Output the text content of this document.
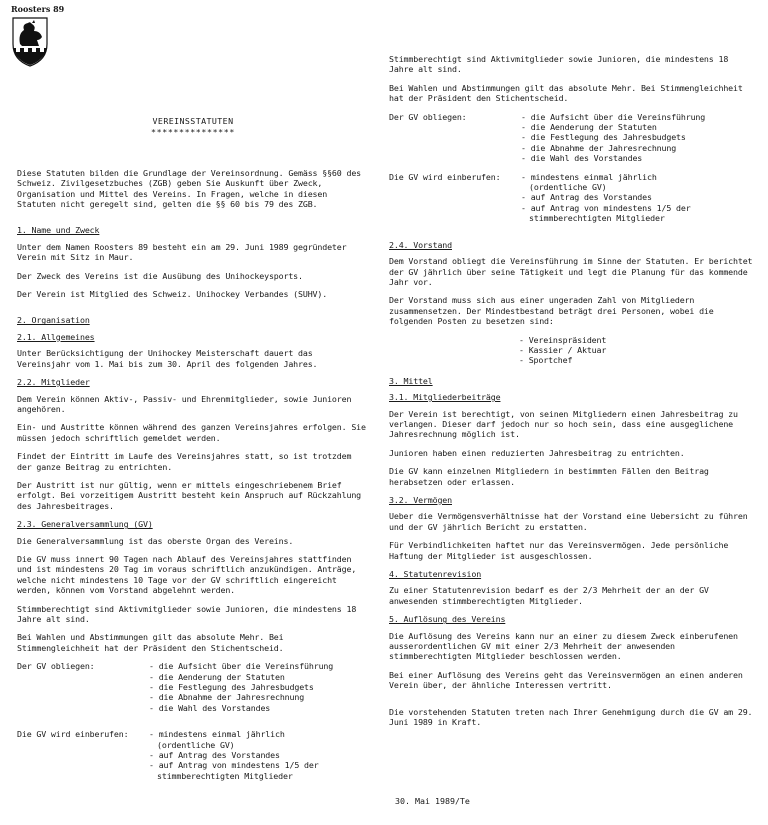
Roosters 89
VEREINSSTATUTEN
***************

Diese Statuten bilden die Grundlage der Vereinsordnung. Gemäss §§60 des Schweiz. Zivilgesetzbuches (ZGB) geben Sie Auskunft über Zweck, Organisation und Mittel des Vereins. In Fragen, welche in diesen Statuten nicht geregelt sind, gelten die §§ 60 bis 79 des ZGB.

1. Name und Zweck

Unter dem Namen Roosters 89 besteht ein am 29. Juni 1989 gegründeter Verein mit Sitz in Maur.

Der Zweck des Vereins ist die Ausübung des Unihockeysports.

Der Verein ist Mitglied des Schweiz. Unihockey Verbandes (SUHV).

2. Organisation

2.1. Allgemeines

Unter Berücksichtigung der Unihockey Meisterschaft dauert das Vereinsjahr vom 1. Mai bis zum 30. April des folgenden Jahres.

2.2. Mitglieder

Dem Verein können Aktiv-, Passiv- und Ehrenmitglieder, sowie Junioren angehören.

Ein- und Austritte können während des ganzen Vereinsjahres erfolgen. Sie müssen jedoch schriftlich gemeldet werden.

Findet der Eintritt im Laufe des Vereinsjahres statt, so ist trotzdem der ganze Beitrag zu entrichten.

Der Austritt ist nur gültig, wenn er mittels eingeschriebenem Brief erfolgt. Bei vorzeitigem Austritt besteht kein Anspruch auf Rückzahlung des Jahresbeitrages.

2.3. Generalversammlung (GV)

Die Generalversammlung ist das oberste Organ des Vereins.

Die GV muss innert 90 Tagen nach Ablauf des Vereinsjahres stattfinden und ist mindestens 20 Tag im voraus schriftlich anzukündigen. Anträge, welche nicht mindestens 10 Tage vor der GV schriftlich eingereicht werden, können vom Vorstand abgelehnt werden.

Stimmberechtigt sind Aktivmitglieder sowie Junioren, die mindestens 18 Jahre alt sind.

Bei Wahlen und Abstimmungen gilt das absolute Mehr. Bei Stimmengleichheit hat der Präsident den Stichentscheid.

Der GV obliegen:	- die Aufsicht über die Vereinsführung
- die Aenderung der Statuten
- die Festlegung des Jahresbudgets
- die Abnahme der Jahresrechnung
- die Wahl des Vorstandes
Die GV wird einberufen:	- mindestens einmal jährlich
(ordentliche GV)
- auf Antrag des Vorstandes
- auf Antrag von mindestens 1/5 der
stimmberechtigten Mitglieder

Stimmberechtigt sind Aktivmitglieder sowie Junioren, die mindestens 18 Jahre alt sind.

Bei Wahlen und Abstimmungen gilt das absolute Mehr. Bei Stimmengleichheit hat der Präsident den Stichentscheid.

Der GV obliegen:	- die Aufsicht über die Vereinsführung
- die Aenderung der Statuten
- die Festlegung des Jahresbudgets
- die Abnahme der Jahresrechnung
- die Wahl des Vorstandes
Die GV wird einberufen:	- mindestens einmal jährlich
(ordentliche GV)
- auf Antrag des Vorstandes
- auf Antrag von mindestens 1/5 der
stimmberechtigten Mitglieder

2.4. Vorstand

Dem Vorstand obliegt die Vereinsführung im Sinne der Statuten. Er berichtet der GV jährlich über seine Tätigkeit und legt die Planung für das kommende Jahr vor.

Der Vorstand muss sich aus einer ungeraden Zahl von Mitgliedern zusammensetzen. Der Mindestbestand beträgt drei Personen, wobei die folgenden Posten zu besetzen sind:

- Vereinspräsident
- Kassier / Aktuar
- Sportchef

3. Mittel

3.1. Mitgliederbeiträge

Der Verein ist berechtigt, von seinen Mitgliedern einen Jahresbeitrag zu verlangen. Dieser darf jedoch nur so hoch sein, dass eine ausgeglichene Jahresrechnung möglich ist.

Junioren haben einen reduzierten Jahresbeitrag zu entrichten.

Die GV kann einzelnen Mitgliedern in bestimmten Fällen den Beitrag herabsetzen oder erlassen.

3.2. Vermögen

Ueber die Vermögensverhältnisse hat der Vorstand eine Uebersicht zu führen und der GV jährlich Bericht zu erstatten.

Für Verbindlichkeiten haftet nur das Vereinsvermögen. Jede persönliche Haftung der Mitglieder ist ausgeschlossen.

4. Statutenrevision

Zu einer Statutenrevision bedarf es der 2/3 Mehrheit der an der GV anwesenden stimmberechtigten Mitglieder.

5. Auflösung des Vereins

Die Auflösung des Vereins kann nur an einer zu diesem Zweck einberufenen ausserordentlichen GV mit einer 2/3 Mehrheit der anwesenden stimmberechtigten Mitglieder beschlossen werden.

Bei einer Auflösung des Vereins geht das Vereinsvermögen an einen anderen Verein über, der ähnliche Interessen vertritt.

Die vorstehenden Statuten treten nach Ihrer Genehmigung durch die GV am 29. Juni 1989 in Kraft.

30. Mai 1989/Te
